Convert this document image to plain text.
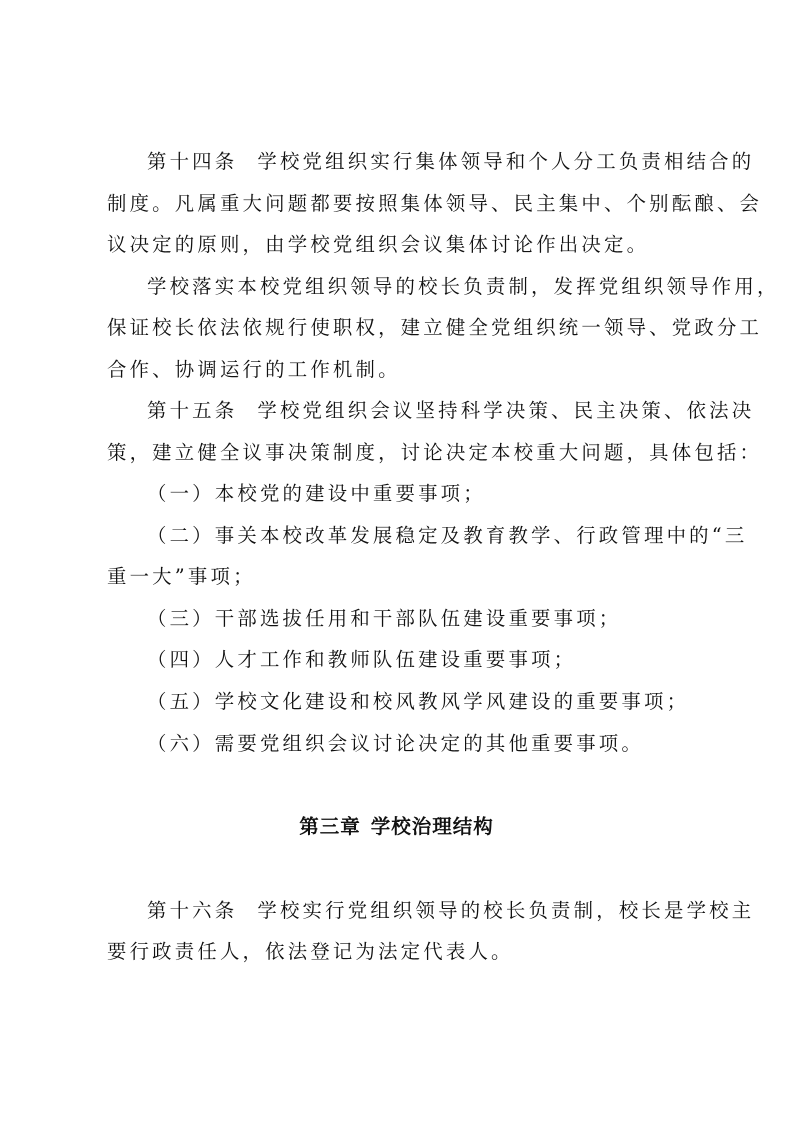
第十四条 学校党组织实行集体领导和个人分工负责相结合的
制度。凡属重大问题都要按照集体领导、民主集中、个别酝酿、会
议决定的原则，由学校党组织会议集体讨论作出决定。
学校落实本校党组织领导的校长负责制，发挥党组织领导作用，
保证校长依法依规行使职权，建立健全党组织统一领导、党政分工
合作、协调运行的工作机制。
第十五条 学校党组织会议坚持科学决策、民主决策、依法决
策，建立健全议事决策制度，讨论决定本校重大问题，具体包括：
（一）本校党的建设中重要事项；
（二）事关本校改革发展稳定及教育教学、行政管理中的“三
重一大”事项；
（三）干部选拔任用和干部队伍建设重要事项；
（四）人才工作和教师队伍建设重要事项；
（五）学校文化建设和校风教风学风建设的重要事项；
（六）需要党组织会议讨论决定的其他重要事项。
第三章 学校治理结构
第十六条 学校实行党组织领导的校长负责制，校长是学校主
要行政责任人，依法登记为法定代表人。
